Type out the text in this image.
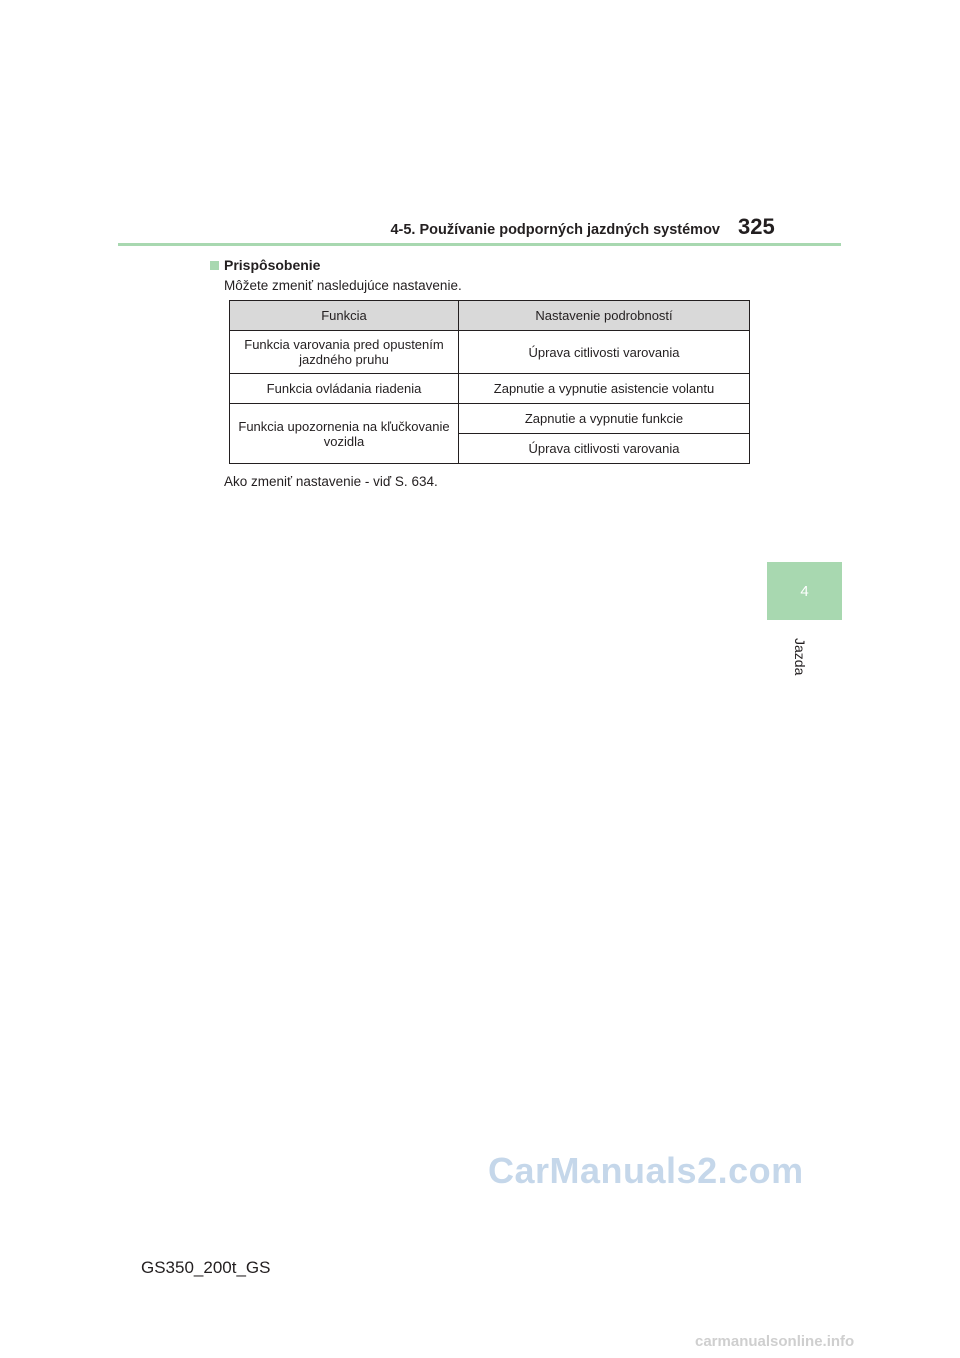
4-5. Používanie podporných jazdných systémov 325
4
Jazda
Prispôsobenie
Môžete zmeniť nasledujúce nastavenie.
Funkcia	Nastavenie podrobností
Funkcia varovania pred opustením jazdného pruhu	Úprava citlivosti varovania
Funkcia ovládania riadenia	Zapnutie a vypnutie asistencie volantu
Funkcia upozornenia na kľučkovanie vozidla	Zapnutie a vypnutie funkcie
	Úprava citlivosti varovania
Ako zmeniť nastavenie - viď S. 634.
GS350_200t_GS
CarManuals2.com
carmanualsonline.info
